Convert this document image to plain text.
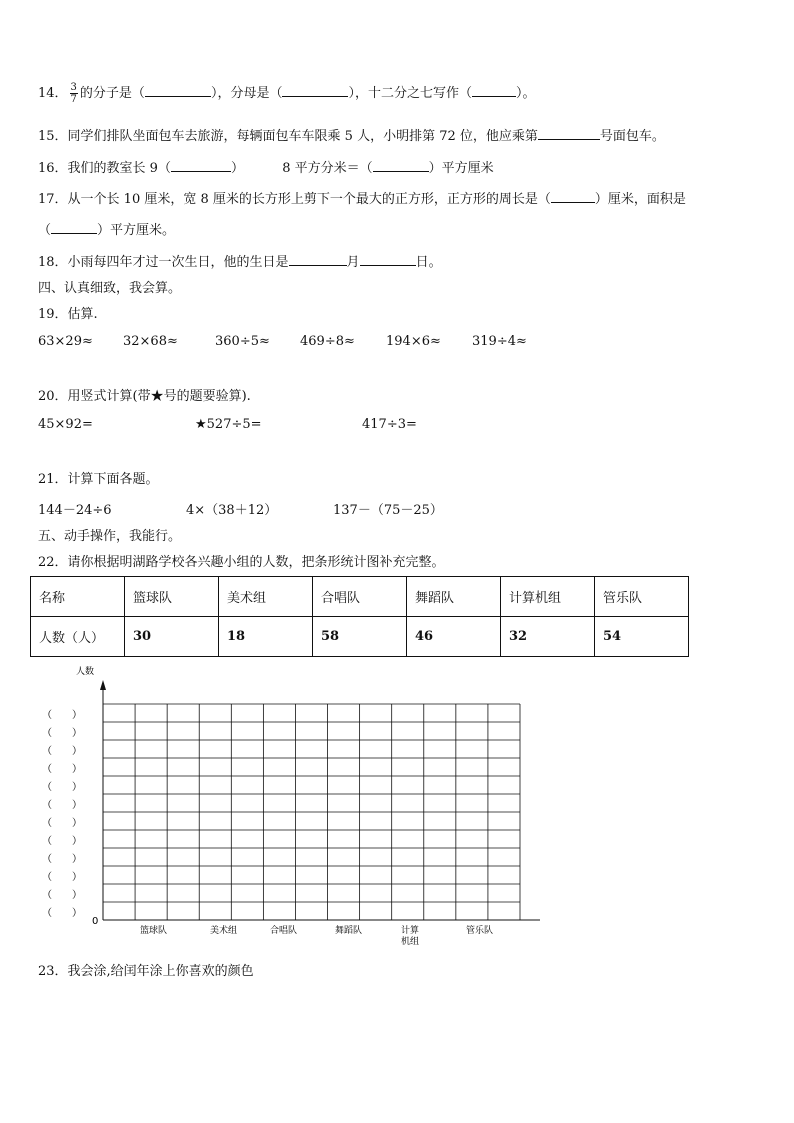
14． $\frac{3}{7}$ 的分子是（	），分母是（	），十二分之七写作（	）。
15．同学们排队坐面包车去旅游，每辆面包车车限乘 5 人，小明排第 72 位，他应乘第	号面包车。
16．我们的教室长 9（	）	8 平方分米＝（	）平方厘米
17．从一个长 10 厘米，宽 8 厘米的长方形上剪下一个最大的正方形，正方形的周长是（	）厘米，面积是
（	）平方厘米。
18．小雨每四年才过一次生日，他的生日是	月	日。
四、认真细致，我会算。
19．估算.
63×29≈ 32×68≈	360÷5≈ 469÷8≈ 194×6≈ 319÷4≈
20．用竖式计算(带★号的题要验算).
45×92=	★527÷5=	417÷3=
21．计算下面各题。
144－24÷6	4×（38＋12）	137－（75－25）
五、动手操作，我能行。
22．请你根据明湖路学校各兴趣小组的人数，把条形统计图补充完整。
名称	篮球队	美术组	合唱队	舞蹈队	计算机组	管乐队
人数（人）	30	18	58	46	32	54
人数
0
（　　）
（　　）
（　　）
（　　）
（　　）
（　　）
（　　）
（　　）
（　　）
（　　）
（　　）
（　　）
篮球队	美术组	合唱队	舞蹈队	计算
机组
管乐队
23．我会涂,给闰年涂上你喜欢的颜色
